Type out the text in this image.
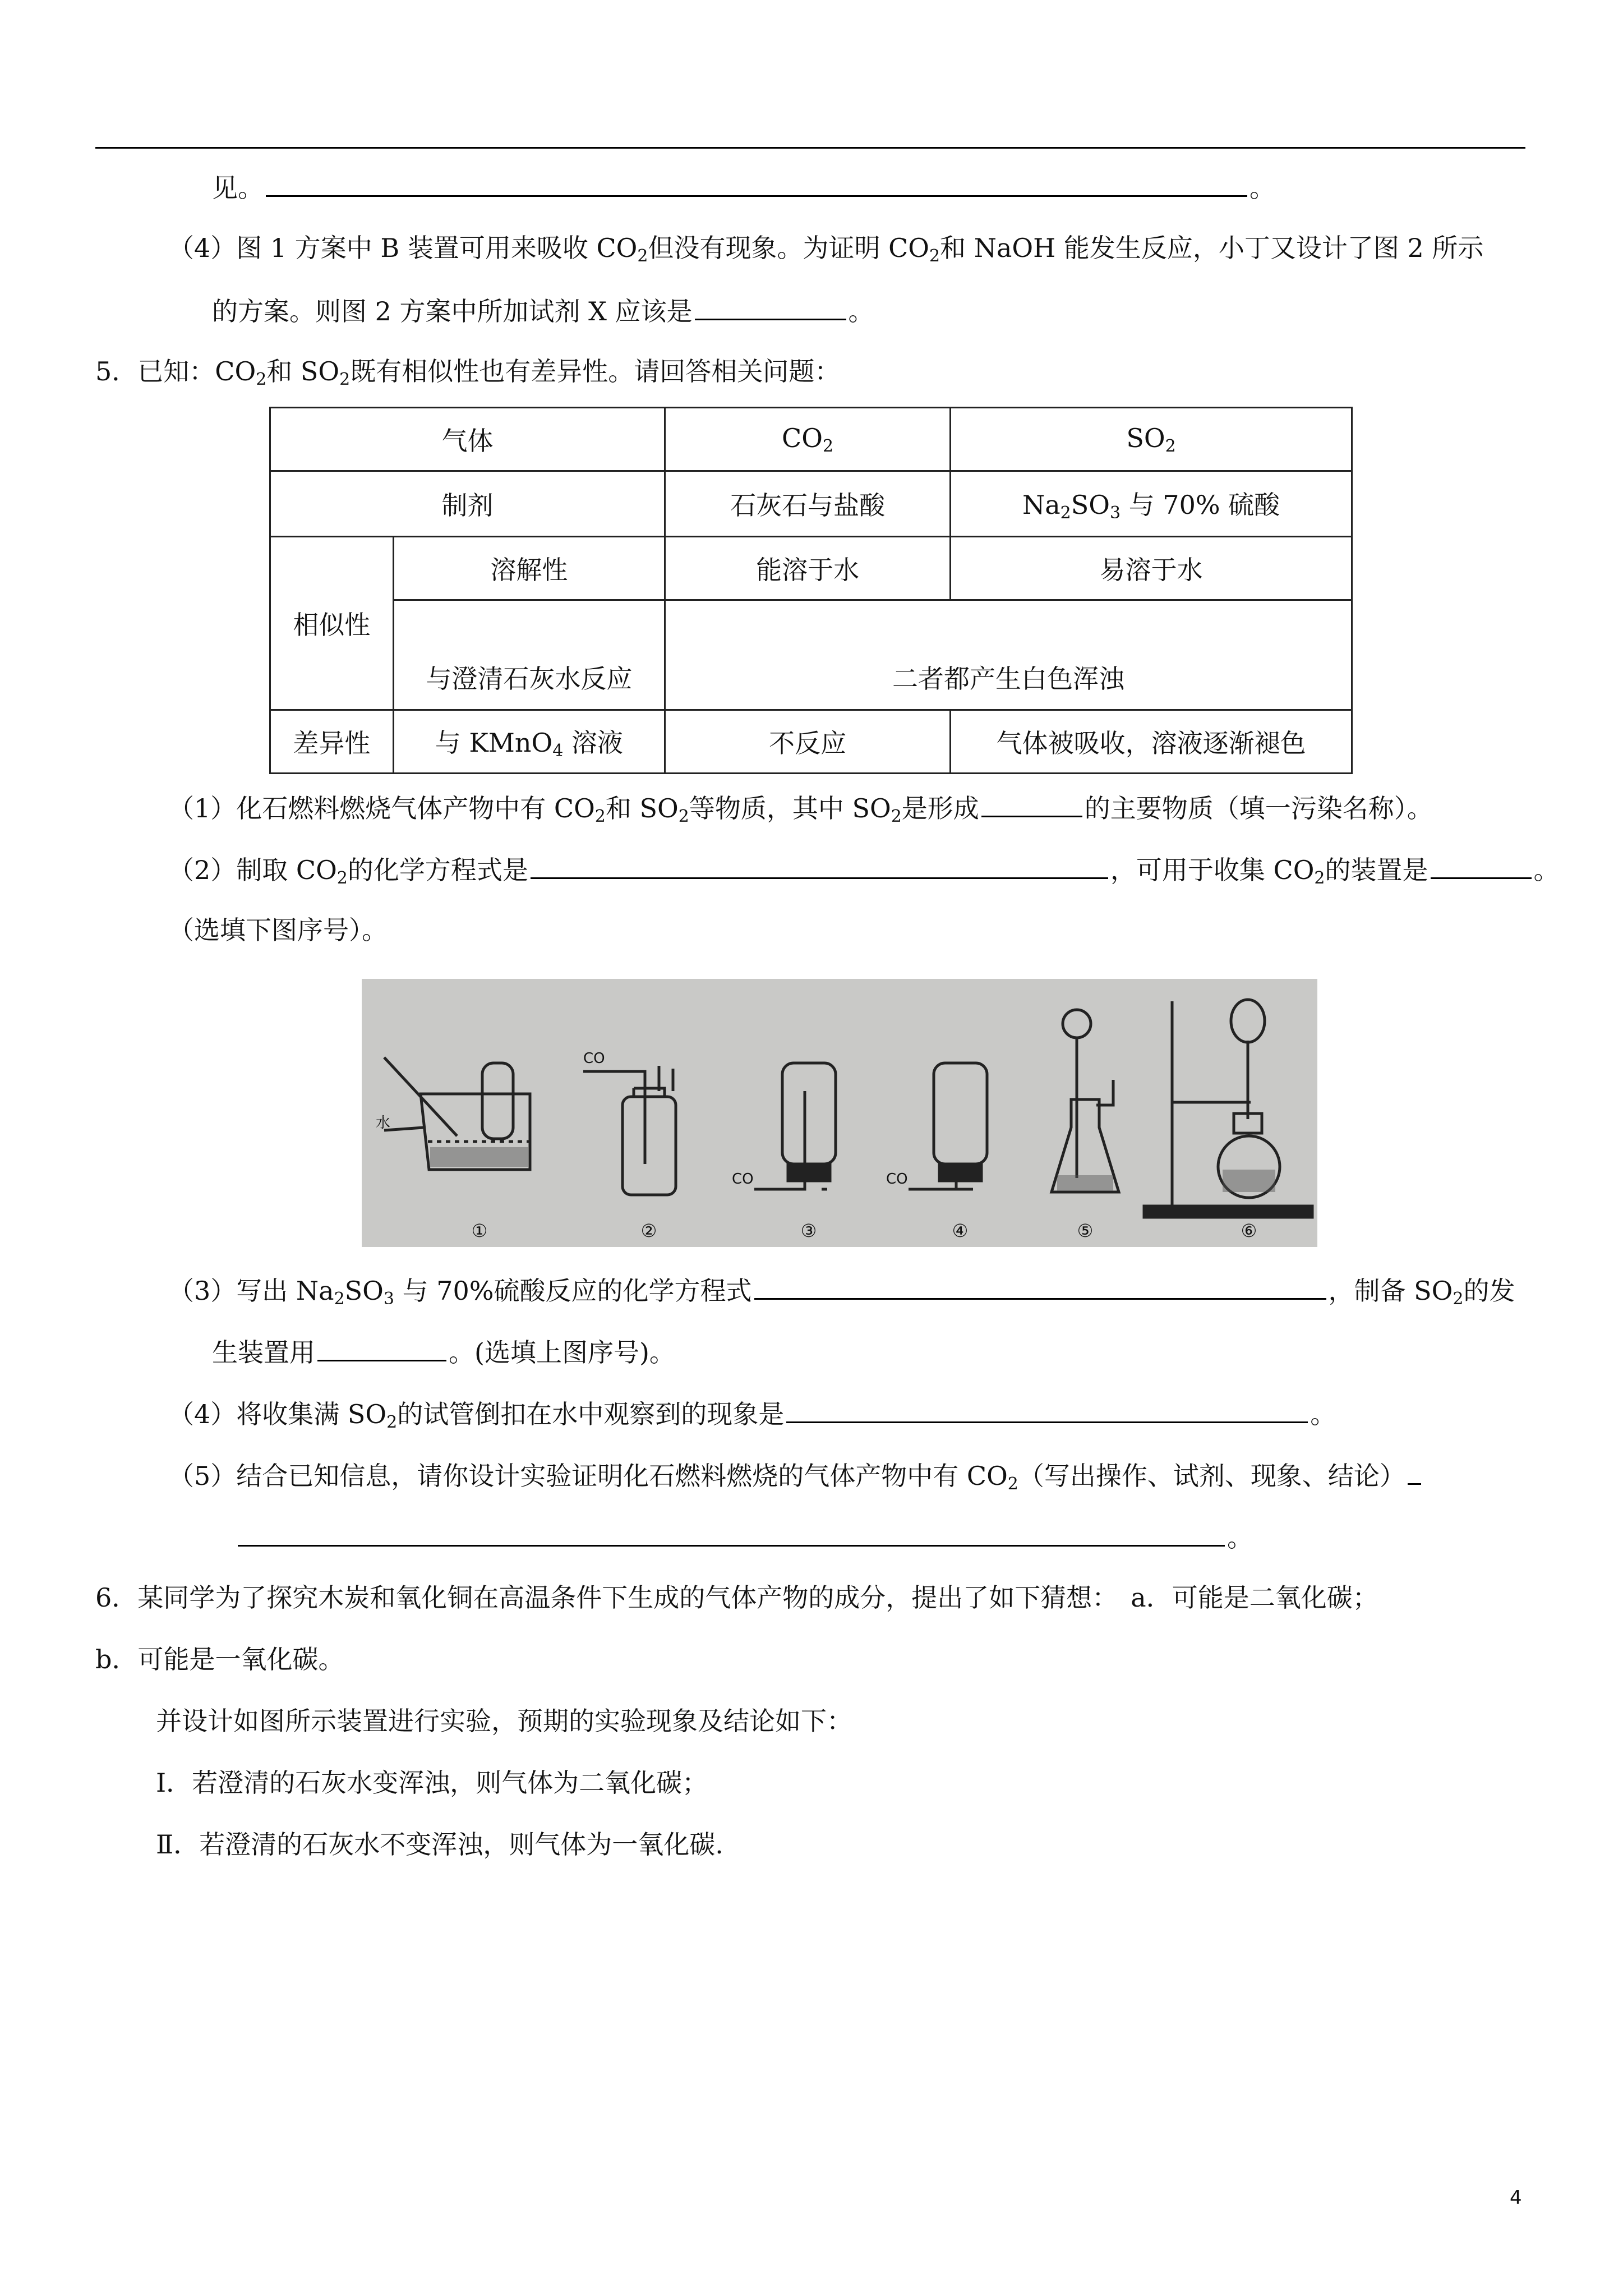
见。	。
（4）图 1 方案中 B 装置可用来吸收 $CO_2$但没有现象。为证明 $CO_2$和 NaOH 能发生反应，小丁又设计了图 2 所示
的方案。则图 2 方案中所加试剂 X 应该是	。
5．已知：$CO_2$和 $SO_2$既有相似性也有差异性。请回答相关问题：
气体		$CO_2$	$SO_2$
制剂		石灰石与盐酸	$Na_2SO_3$ 与 70% 硫酸
相似性	溶解性	能溶于水	易溶于水
	与澄清石灰水反应	二者都产生白色浑浊	
差异性	与 KMnO$_4$ 溶液	不反应	气体被吸收，溶液逐渐褪色
（1）化石燃料燃烧气体产物中有 $CO_2$和 $SO_2$等物质，其中 $SO_2$是形成	的主要物质（填一污染名称）。
（2）制取 $CO_2$的化学方程式是	，可用于收集 $CO_2$的装置是	。
（选填下图序号）。
CO
CO	CO
水
①	②	③	④	⑤	⑥
（3）写出 $Na_2SO_3$ 与 70%硫酸反应的化学方程式	，制备 $SO_2$的发
生装置用	。(选填上图序号)。
（4）将收集满 $SO_2$的试管倒扣在水中观察到的现象是	。
（5）结合已知信息，请你设计实验证明化石燃料燃烧的气体产物中有 $CO_2$（写出操作、试剂、现象、结论）
。
6．某同学为了探究木炭和氧化铜在高温条件下生成的气体产物的成分，提出了如下猜想：　a．可能是二氧化碳；
b．可能是一氧化碳。
并设计如图所示装置进行实验，预期的实验现象及结论如下：
Ⅰ．若澄清的石灰水变浑浊，则气体为二氧化碳；
Ⅱ．若澄清的石灰水不变浑浊，则气体为一氧化碳.
4
